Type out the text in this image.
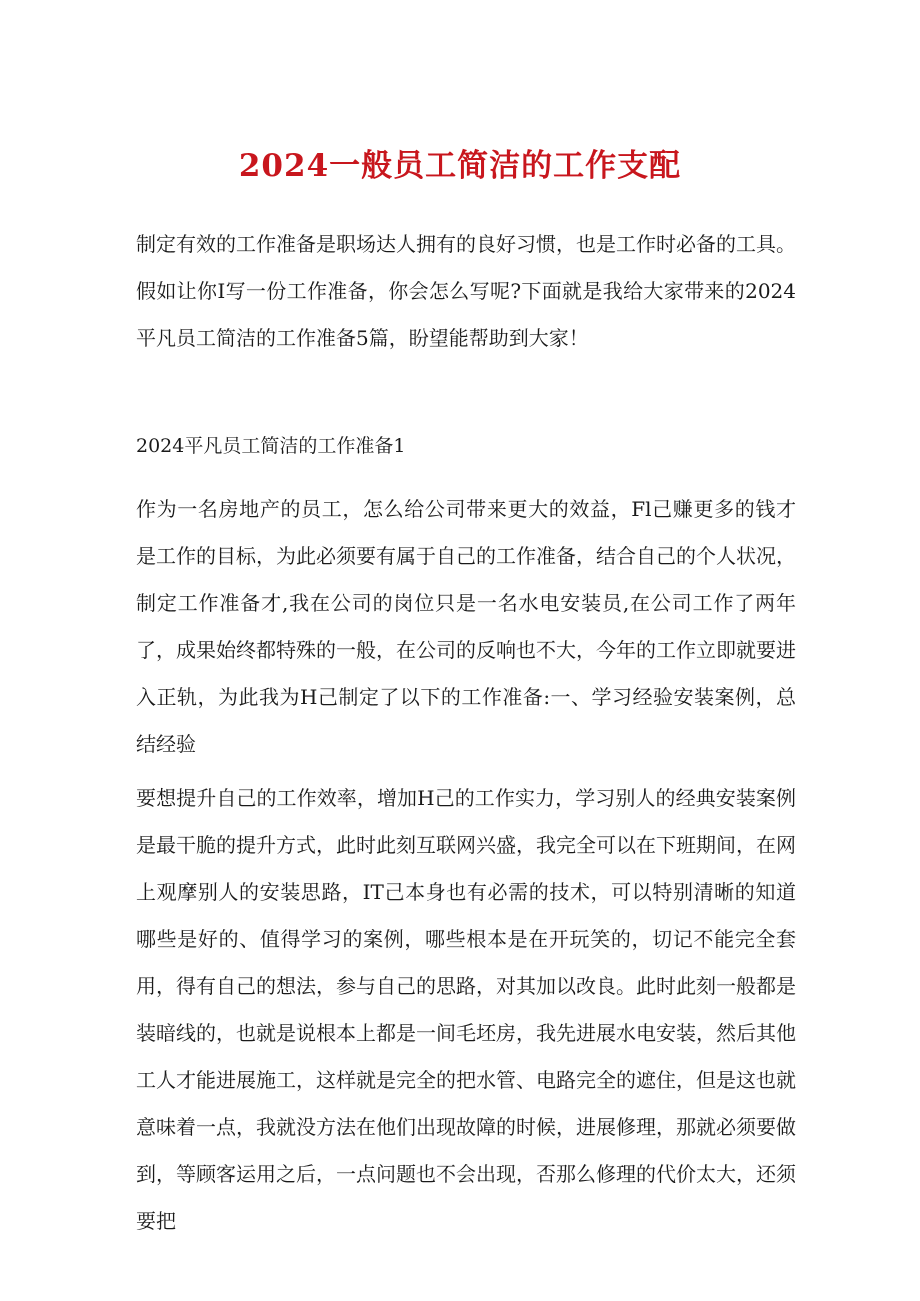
2024一般员工简洁的工作支配

制定有效的工作准备是职场达人拥有的良好习惯，也是工作时必备的工具。假如让你I写一份工作准备，你会怎么写呢?下面就是我给大家带来的2024平凡员工简洁的工作准备5篇，盼望能帮助到大家！

2024平凡员工简洁的工作准备1

作为一名房地产的员工，怎么给公司带来更大的效益，Fl己赚更多的钱才是工作的目标，为此必须要有属于自己的工作准备，结合自己的个人状况，制定工作准备才,我在公司的岗位只是一名水电安装员,在公司工作了两年了，成果始终都特殊的一般，在公司的反响也不大，今年的工作立即就要进入正轨，为此我为H己制定了以下的工作准备:一、学习经验安装案例，总结经验

要想提升自己的工作效率，增加H己的工作实力，学习别人的经典安装案例是最干脆的提升方式，此时此刻互联网兴盛，我完全可以在下班期间，在网上观摩别人的安装思路，IT己本身也有必需的技术，可以特别清晰的知道哪些是好的、值得学习的案例，哪些根本是在开玩笑的，切记不能完全套用，得有自己的想法，参与自己的思路，对其加以改良。此时此刻一般都是装暗线的，也就是说根本上都是一间毛坯房，我先进展水电安装，然后其他工人才能进展施工，这样就是完全的把水管、电路完全的遮住，但是这也就意味着一点，我就没方法在他们出现故障的时候，进展修理，那就必须要做到，等顾客运用之后，一点问题也不会出现，否那么修理的代价太大，还须要把
